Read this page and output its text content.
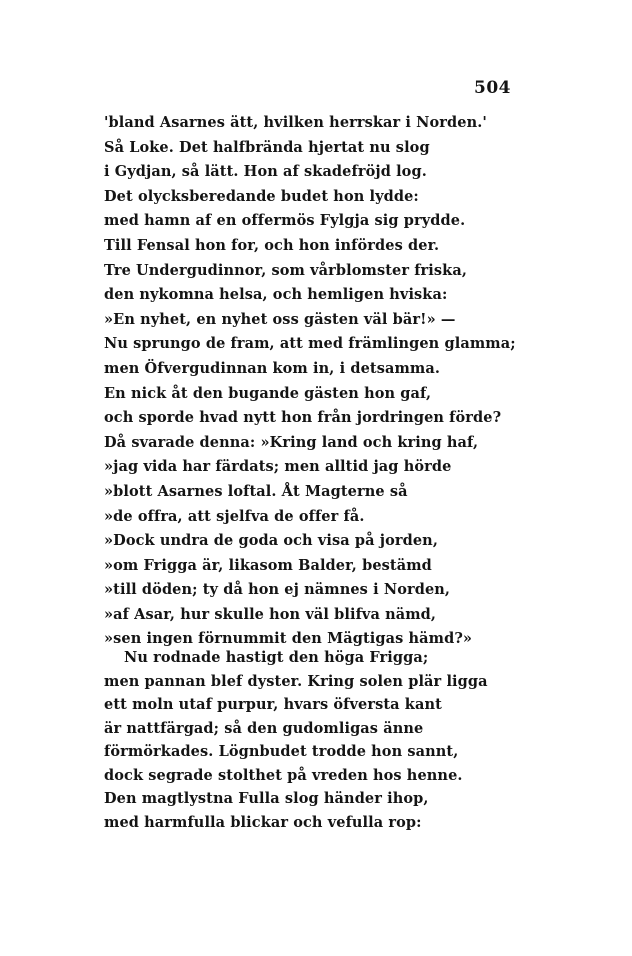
504
'bland Asarnes ätt, hvilken herrskar i Norden.'
Så Loke. Det halfbrända hjertat nu slog
i Gydjan, så lätt. Hon af skadefröjd log.
Det olycksberedande budet hon lydde:
med hamn af en offermös Fylgja sig prydde.
Till Fensal hon for, och hon infördes der.
Tre Undergudinnor, som vårblomster friska,
den nykomna helsa, och hemligen hviska:
»En nyhet, en nyhet oss gästen väl bär!» —
Nu sprungo de fram, att med främlingen glamma;
men Öfvergudinnan kom in, i detsamma.
En nick åt den bugande gästen hon gaf,
och sporde hvad nytt hon från jordringen förde?
Då svarade denna: »Kring land och kring haf,
»jag vida har färdats; men alltid jag hörde
»blott Asarnes loftal. Åt Magterne så
»de offra, att sjelfva de offer få.
»Dock undra de goda och visa på jorden,
»om Frigga är, likasom Balder, bestämd
»till döden; ty då hon ej nämnes i Norden,
»af Asar, hur skulle hon väl blifva nämd,
»sen ingen förnummit den Mägtigas hämd?»
Nu rodnade hastigt den höga Frigga;
men pannan blef dyster. Kring solen plär ligga
ett moln utaf purpur, hvars öfversta kant
är nattfärgad; så den gudomligas änne
förmörkades. Lögnbudet trodde hon sannt,
dock segrade stolthet på vreden hos henne.
Den magtlystna Fulla slog händer ihop,
med harmfulla blickar och vefulla rop:
